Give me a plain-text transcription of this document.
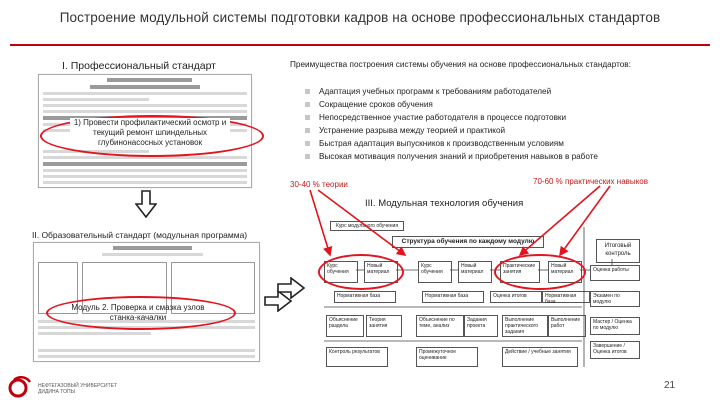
Построение модульной системы подготовки кадров на основе профессиональных стандартов
I. Профессиональный стандарт
1) Провести профилактический осмотр и текущий ремонт шпиндельных глубинонасосных установок
Преимущества построения системы обучения на основе профессиональных стандартов:
Адаптация учебных программ к требованиям работодателей
Сокращение сроков обучения
Непосредственное участие работодателя в процессе подготовки
Устранение разрыва между теорией и практикой
Быстрая адаптация выпускников к производственным условиям
Высокая мотивация получения знаний и приобретения навыков в работе
30-40 % теории	70-60 % практических навыков
III. Модульная технология обучения
II. Образовательный стандарт (модульная программа)
Модуль 2. Проверка и смазка узлов станка-качалки
Курс модульного обучения
Структура обучения по каждому модулю
Итоговый контроль
Курс обучения
Новый материал
Курс обучения
Новый материал
Практические занятия
Новый материал
Нормативная база	Нормативная база	Оценка итогов	Нормативная база
Объяснение раздела
Теория занятия
Объяснение по теме, анализ
Задания проекта
Выполнение практического задания
Выполнение работ
Контроль результатов	Промежуточное оценивание
Действие / учебные занятия
Оценка работы
Экзамен по модулю
Мастер / Оценка по модулю
Завершение / Оценка итогов
НЕФТЕГАЗОВЫЙ УНИВЕРСИТЕТ
ДИДИНА ТОПЫ
21
